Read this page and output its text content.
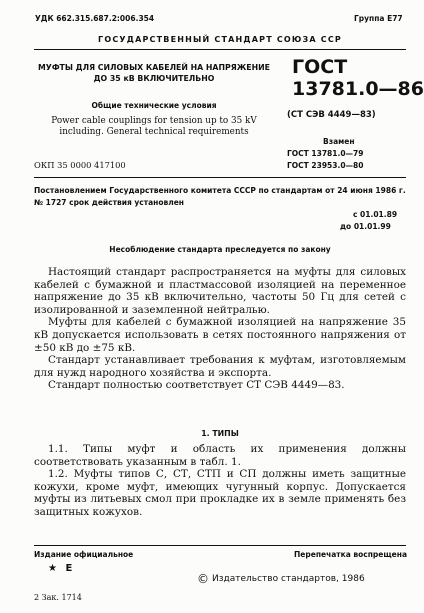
УДК 662.315.687.2:006.354	Группа Е77
ГОСУДАРСТВЕННЫЙ СТАНДАРТ СОЮЗА ССР
МУФТЫ ДЛЯ СИЛОВЫХ КАБЕЛЕЙ НА НАПРЯЖЕНИЕ
ДО 35 кВ ВКЛЮЧИТЕЛЬНО
Общие технические условия
Power cable couplings for tension up to 35 kV
including. General technical requirements
ГОСТ
13781.0—86
(СТ СЭВ 4449—83)
Взамен
ГОСТ 13781.0—79
ГОСТ 23953.0—80
ОКП 35 0000 417100
Постановлением Государственного комитета СССР по стандартам от 24 июня 1986 г. № 1727 срок действия установлен
с 01.01.89
до 01.01.99
Несоблюдение стандарта преследуется по закону

Настоящий стандарт распространяется на муфты для силовых кабелей с бумажной и пластмассовой изоляцией на переменное напряжение до 35 кВ включительно, частоты 50 Гц для сетей с изолированной и заземленной нейтралью.

Муфты для кабелей с бумажной изоляцией на напряжение 35 кВ допускается использовать в сетях постоянного напряжения от ±50 кВ до ±75 кВ.

Стандарт устанавливает требования к муфтам, изготовляемым для нужд народного хозяйства и экспорта.

Стандарт полностью соответствует СТ СЭВ 4449—83.

1. ТИПЫ

1.1. Типы муфт и область их применения должны соответствовать указанным в табл. 1.

1.2. Муфты типов С, СТ, СТП и СП должны иметь защитные кожухи, кроме муфт, имеющих чугунный корпус. Допускается муфты из литьевых смол при прокладке их в земле применять без защитных кожухов.

Издание официальное	Перепечатка воспрещена
★ Е
© Издательство стандартов, 1986
2 Зак. 1714
